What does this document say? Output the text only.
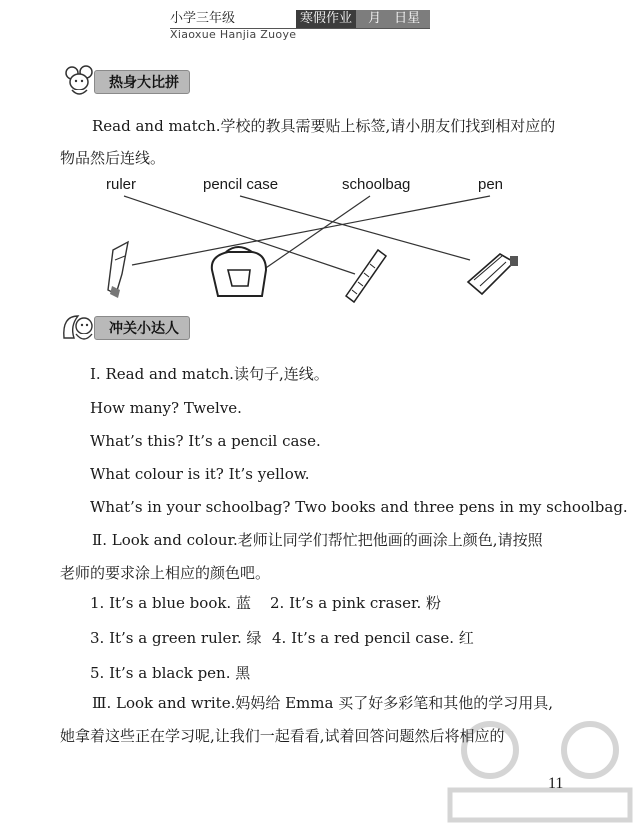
小学三年级	寒假作业 月　日星期
Xiaoxue Hanjia Zuoye
热身大比拼
Read and match.学校的教具需要贴上标签,请小朋友们找到相对应的
物品然后连线。
ruler	pencil case	schoolbag	pen
冲关小达人
Ⅰ. Read and match.读句子,连线。
How many? Twelve.
What’s this? It’s a pencil case.
What colour is it? It’s yellow.
What’s in your schoolbag? Two books and three pens in my schoolbag.
Ⅱ. Look and colour.老师让同学们帮忙把他画的画涂上颜色,请按照
老师的要求涂上相应的颜色吧。
1. It’s a blue book. 蓝 2. It’s a pink craser. 粉
3. It’s a green ruler. 绿 4. It’s a red pencil case. 红
5. It’s a black pen. 黑
Ⅲ. Look and write.妈妈给 Emma 买了好多彩笔和其他的学习用具,
她拿着这些正在学习呢,让我们一起看看,试着回答问题然后将相应的
11
